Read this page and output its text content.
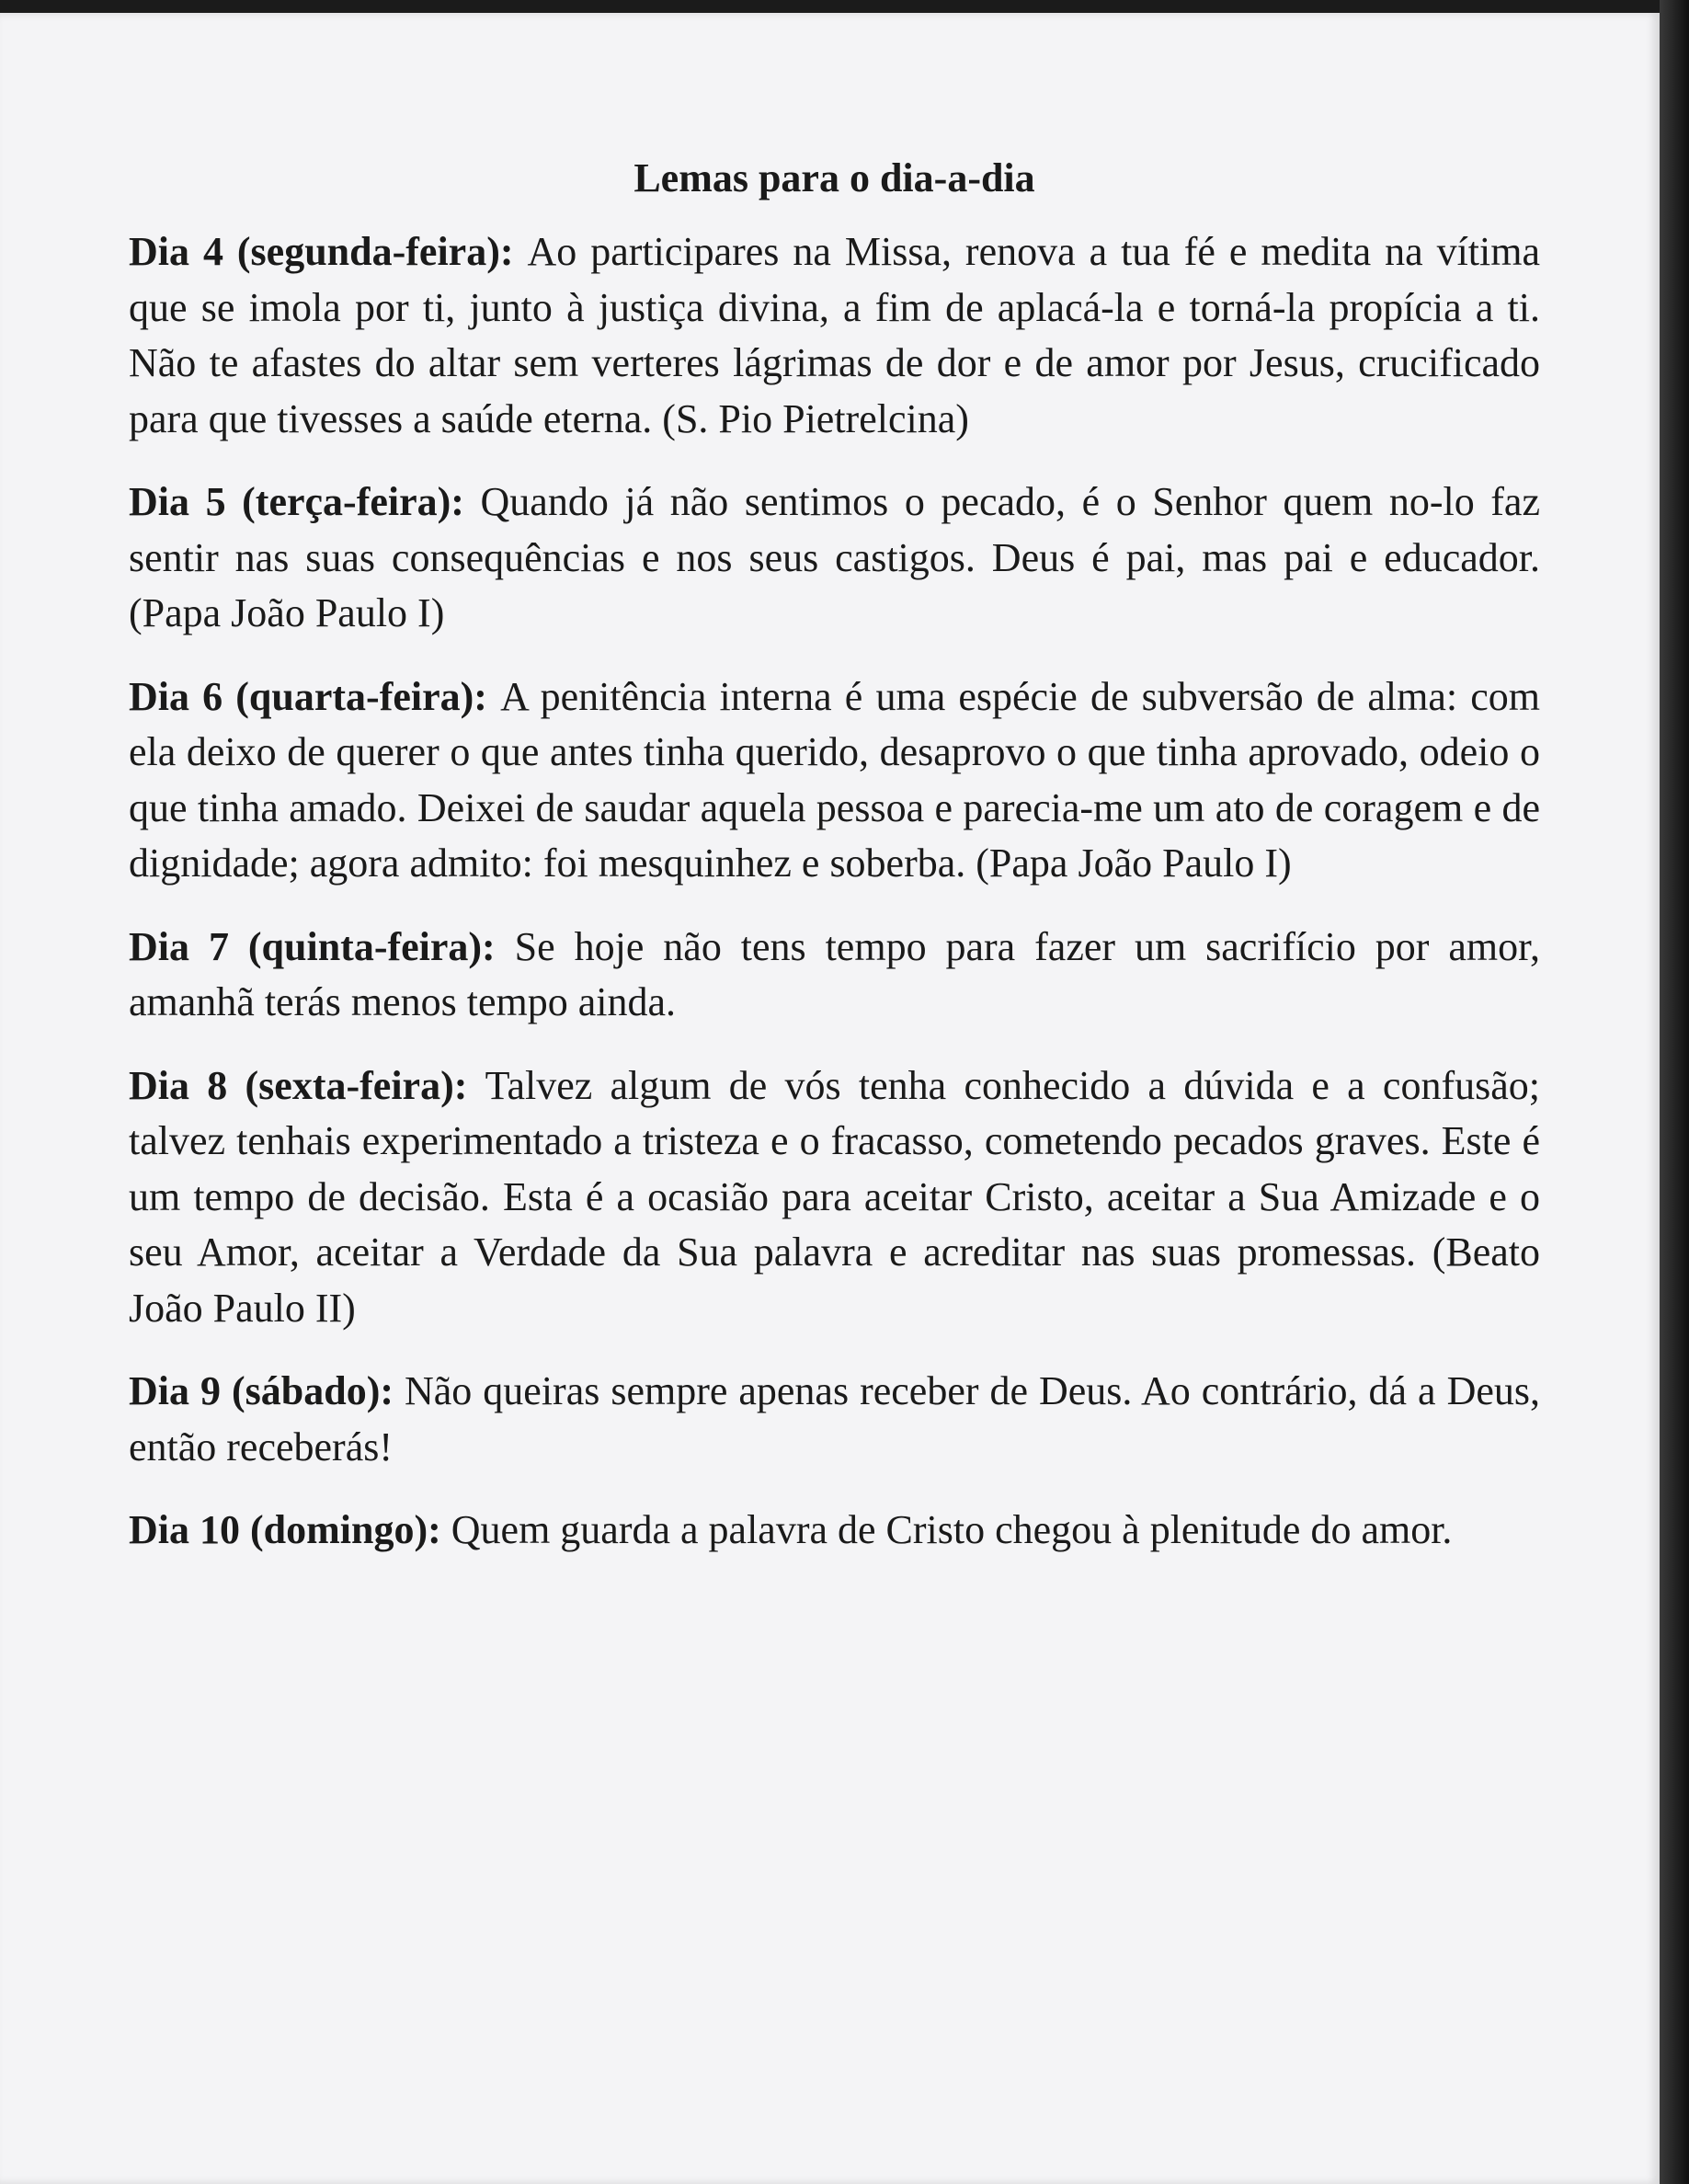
Lemas para o dia-a-dia

Dia 4 (segunda-feira): Ao participares na Missa, renova a tua fé e medita na vítima que se imola por ti, junto à justiça divina, a fim de aplacá-la e torná-la propícia a ti. Não te afastes do altar sem verteres lágrimas de dor e de amor por Jesus, crucificado para que tivesses a saúde eterna. (S. Pio Pietrelcina)

Dia 5 (terça-feira): Quando já não sentimos o pecado, é o Senhor quem no-lo faz sentir nas suas consequências e nos seus castigos. Deus é pai, mas pai e educador. (Papa João Paulo I)

Dia 6 (quarta-feira): A penitência interna é uma espécie de subversão de alma: com ela deixo de querer o que antes tinha querido, desaprovo o que tinha aprovado, odeio o que tinha amado. Deixei de saudar aquela pessoa e parecia-me um ato de coragem e de dignidade; agora admito: foi mesquinhez e soberba. (Papa João Paulo I)

Dia 7 (quinta-feira): Se hoje não tens tempo para fazer um sacrifício por amor, amanhã terás menos tempo ainda.

Dia 8 (sexta-feira): Talvez algum de vós tenha conhecido a dúvida e a confusão; talvez tenhais experimentado a tristeza e o fracasso, cometendo pecados graves. Este é um tempo de decisão. Esta é a ocasião para aceitar Cristo, aceitar a Sua Amizade e o seu Amor, aceitar a Verdade da Sua palavra e acreditar nas suas promessas. (Beato João Paulo II)

Dia 9 (sábado): Não queiras sempre apenas receber de Deus. Ao contrário, dá a Deus, então receberás!

Dia 10 (domingo): Quem guarda a palavra de Cristo chegou à plenitude do amor.
